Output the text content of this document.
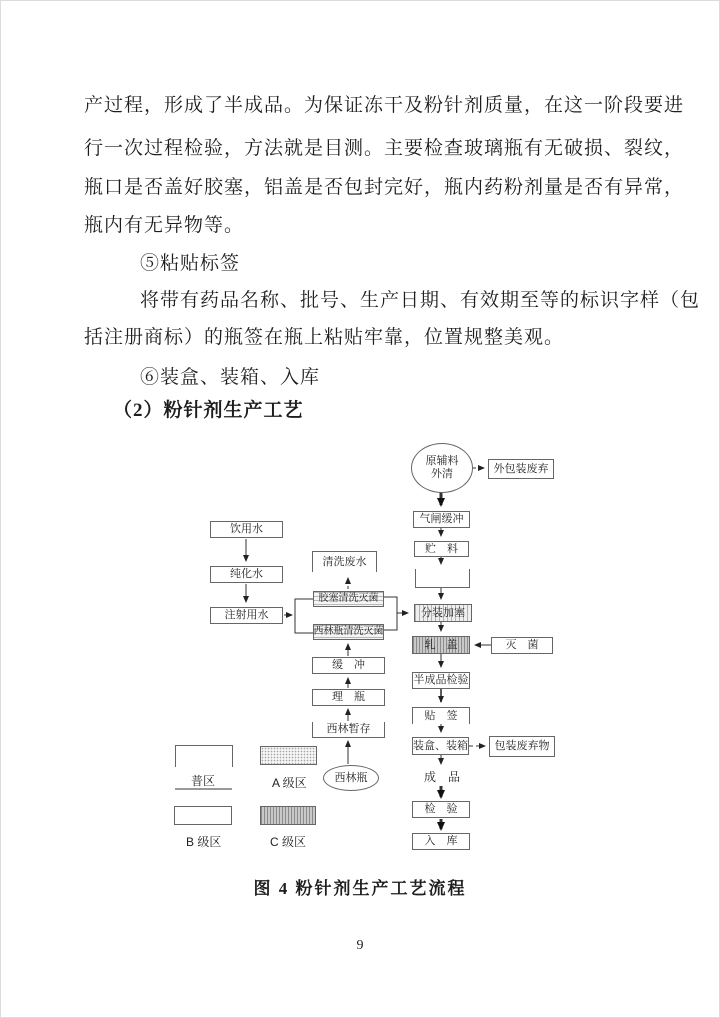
产过程，形成了半成品。为保证冻干及粉针剂质量，在这一阶段要进
行一次过程检验，方法就是目测。主要检查玻璃瓶有无破损、裂纹，
瓶口是否盖好胶塞，铝盖是否包封完好，瓶内药粉剂量是否有异常，
瓶内有无异物等。
⑤粘贴标签
将带有药品名称、批号、生产日期、有效期至等的标识字样（包
括注册商标）的瓶签在瓶上粘贴牢靠，位置规整美观。
⑥装盒、装箱、入库
（2）粉针剂生产工艺
原辅料
外清	外包装废弃
气闸缓冲
贮　料
分装加塞
轧　盖	灭　菌
半成品检验
贴　签
装盒、装箱	包装废弃物
成　品
检　验
入　库
饮用水
纯化水
注射用水
清洗废水
胶塞清洗灭菌
西林瓶清洗灭菌
缓　冲
理　瓶
西林暂存
西林瓶
普区	A 级区
B 级区	C 级区
图 4 粉针剂生产工艺流程
9
